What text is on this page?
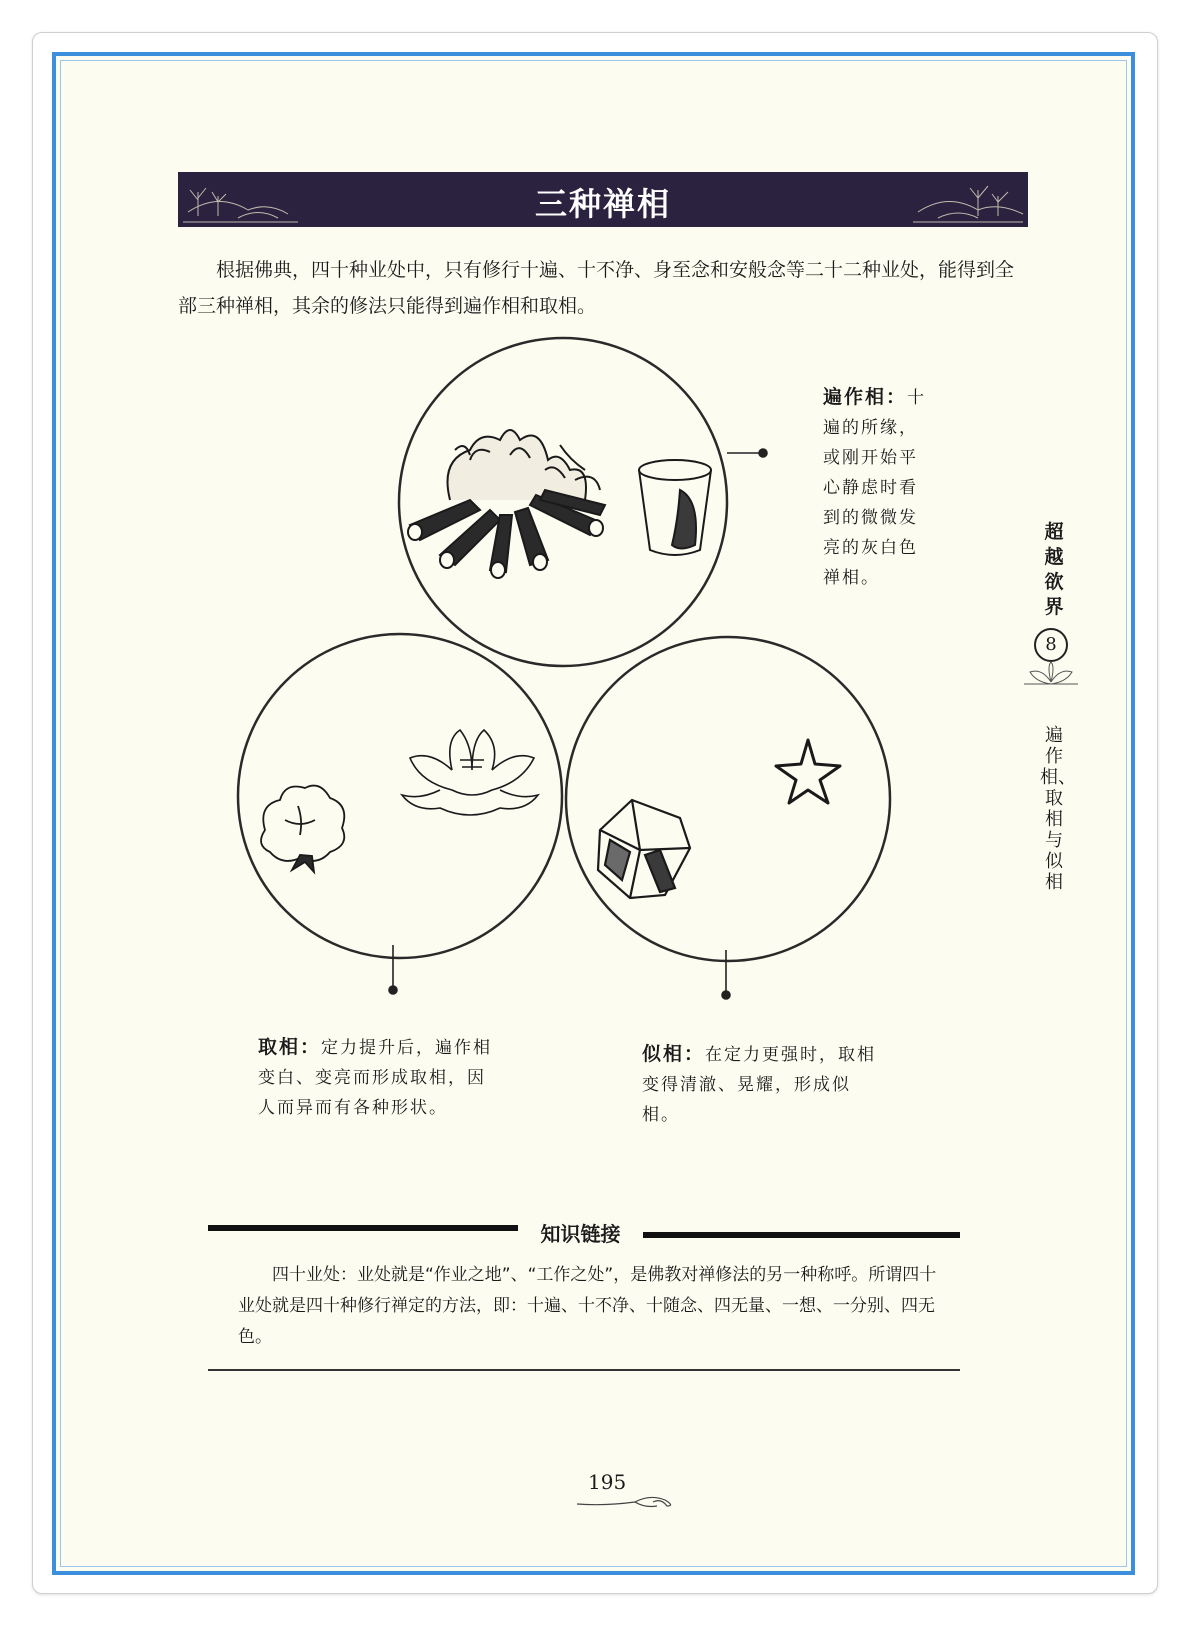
三种禅相
根据佛典，四十种业处中，只有修行十遍、十不净、身至念和安般念等二十二种业处，能得到全部三种禅相，其余的修法只能得到遍作相和取相。
遍作相：十遍的所缘，或刚开始平心静虑时看到的微微发亮的灰白色禅相。
取相：定力提升后，遍作相变白、变亮而形成取相，因人而异而有各种形状。
似相：在定力更强时，取相变得清澈、晃耀，形成似相。
超越欲界
8
遍作相、取相与似相
知识链接
四十业处：业处就是“作业之地”、“工作之处”，是佛教对禅修法的另一种称呼。所谓四十业处就是四十种修行禅定的方法，即：十遍、十不净、十随念、四无量、一想、一分别、四无色。
195
